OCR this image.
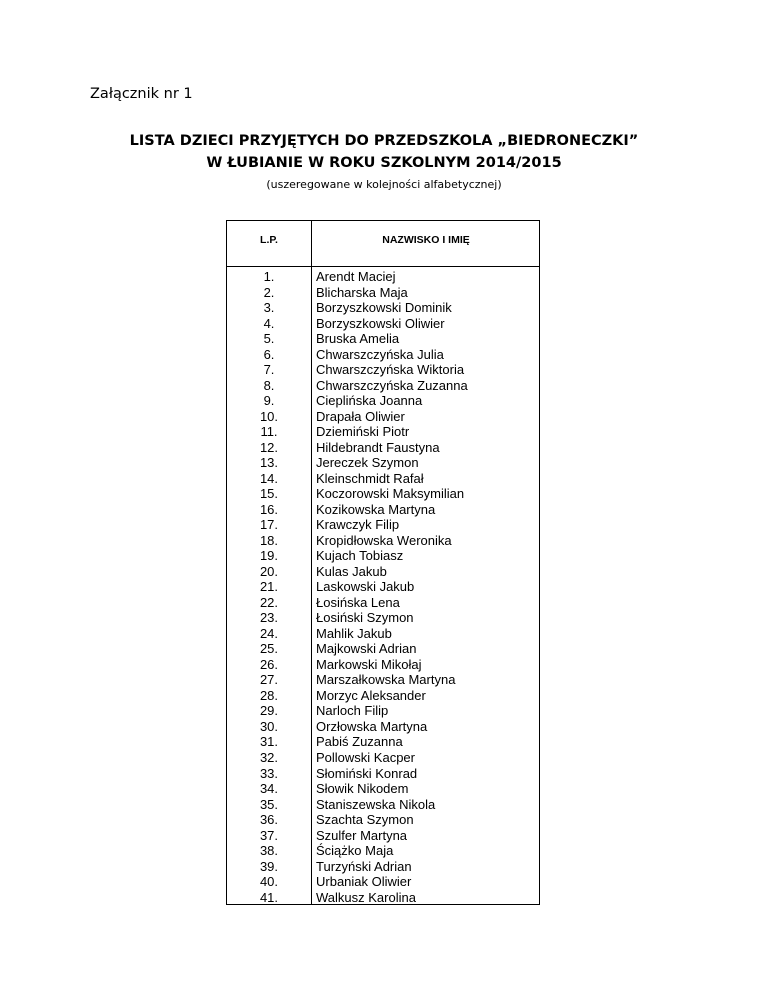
Załącznik nr 1
LISTA DZIECI PRZYJĘTYCH DO PRZEDSZKOLA „BIEDRONECZKI”
W ŁUBIANIE W ROKU SZKOLNYM 2014/2015
(uszeregowane w kolejności alfabetycznej)
L.P.	NAZWISKO I IMIĘ
1.	Arendt Maciej
2.	Blicharska Maja
3.	Borzyszkowski Dominik
4.	Borzyszkowski Oliwier
5.	Bruska Amelia
6.	Chwarszczyńska Julia
7.	Chwarszczyńska Wiktoria
8.	Chwarszczyńska Zuzanna
9.	Cieplińska Joanna
10.	Drapała Oliwier
11.	Dziemiński Piotr
12.	Hildebrandt Faustyna
13.	Jereczek Szymon
14.	Kleinschmidt Rafał
15.	Koczorowski Maksymilian
16.	Kozikowska Martyna
17.	Krawczyk Filip
18.	Kropidłowska Weronika
19.	Kujach Tobiasz
20.	Kulas Jakub
21.	Laskowski Jakub
22.	Łosińska Lena
23.	Łosiński Szymon
24.	Mahlik Jakub
25.	Majkowski Adrian
26.	Markowski Mikołaj
27.	Marszałkowska Martyna
28.	Morzyc Aleksander
29.	Narloch Filip
30.	Orzłowska Martyna
31.	Pabiś Zuzanna
32.	Pollowski Kacper
33.	Słomiński Konrad
34.	Słowik Nikodem
35.	Staniszewska Nikola
36.	Szachta Szymon
37.	Szulfer Martyna
38.	Ściążko Maja
39.	Turzyński Adrian
40.	Urbaniak Oliwier
41.	Walkusz Karolina
